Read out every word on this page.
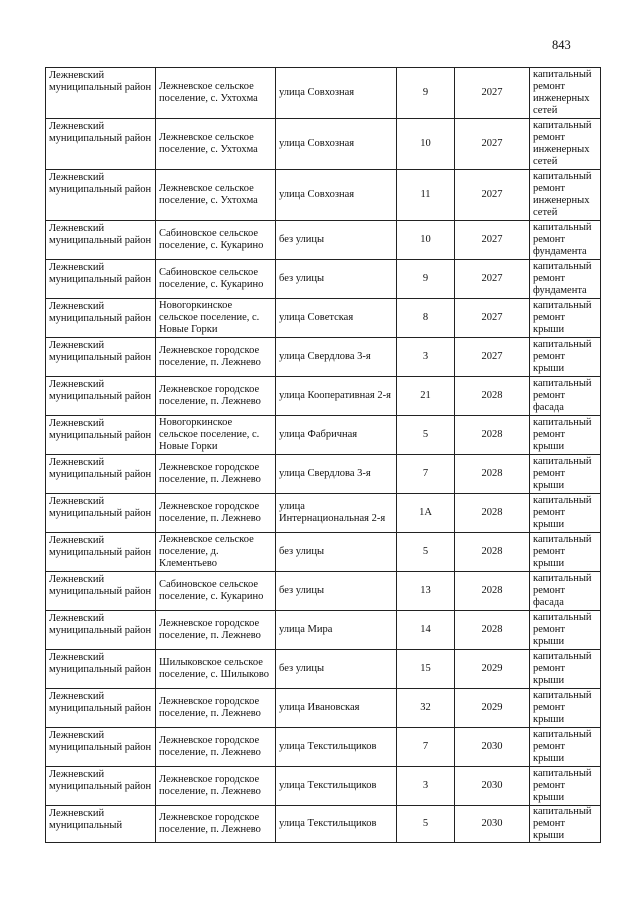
843
Лежневский муниципальный район	Лежневское сельское поселение, с. Ухтохма	улица Совхозная	9	2027	капитальный ремонт инженерных сетей
Лежневский муниципальный район	Лежневское сельское поселение, с. Ухтохма	улица Совхозная	10	2027	капитальный ремонт инженерных сетей
Лежневский муниципальный район	Лежневское сельское поселение, с. Ухтохма	улица Совхозная	11	2027	капитальный ремонт инженерных сетей
Лежневский муниципальный район	Сабиновское сельское поселение, с. Кукарино	без улицы	10	2027	капитальный ремонт фундамента
Лежневский муниципальный район	Сабиновское сельское поселение, с. Кукарино	без улицы	9	2027	капитальный ремонт фундамента
Лежневский муниципальный район	Новогоркинское сельское поселение, с. Новые Горки	улица Советская	8	2027	капитальный ремонт крыши
Лежневский муниципальный район	Лежневское городское поселение, п. Лежнево	улица Свердлова 3-я	3	2027	капитальный ремонт крыши
Лежневский муниципальный район	Лежневское городское поселение, п. Лежнево	улица Кооперативная 2-я	21	2028	капитальный ремонт фасада
Лежневский муниципальный район	Новогоркинское сельское поселение, с. Новые Горки	улица Фабричная	5	2028	капитальный ремонт крыши
Лежневский муниципальный район	Лежневское городское поселение, п. Лежнево	улица Свердлова 3-я	7	2028	капитальный ремонт крыши
Лежневский муниципальный район	Лежневское городское поселение, п. Лежнево	улица Интернациональная 2-я	1А	2028	капитальный ремонт крыши
Лежневский муниципальный район	Лежневское сельское поселение, д. Клементьево	без улицы	5	2028	капитальный ремонт крыши
Лежневский муниципальный район	Сабиновское сельское поселение, с. Кукарино	без улицы	13	2028	капитальный ремонт фасада
Лежневский муниципальный район	Лежневское городское поселение, п. Лежнево	улица Мира	14	2028	капитальный ремонт крыши
Лежневский муниципальный район	Шилыковское сельское поселение, с. Шилыково	без улицы	15	2029	капитальный ремонт крыши
Лежневский муниципальный район	Лежневское городское поселение, п. Лежнево	улица Ивановская	32	2029	капитальный ремонт крыши
Лежневский муниципальный район	Лежневское городское поселение, п. Лежнево	улица Текстильщиков	7	2030	капитальный ремонт крыши
Лежневский муниципальный район	Лежневское городское поселение, п. Лежнево	улица Текстильщиков	3	2030	капитальный ремонт крыши
Лежневский муниципальный	Лежневское городское поселение, п. Лежнево	улица Текстильщиков	5	2030	капитальный ремонт крыши
